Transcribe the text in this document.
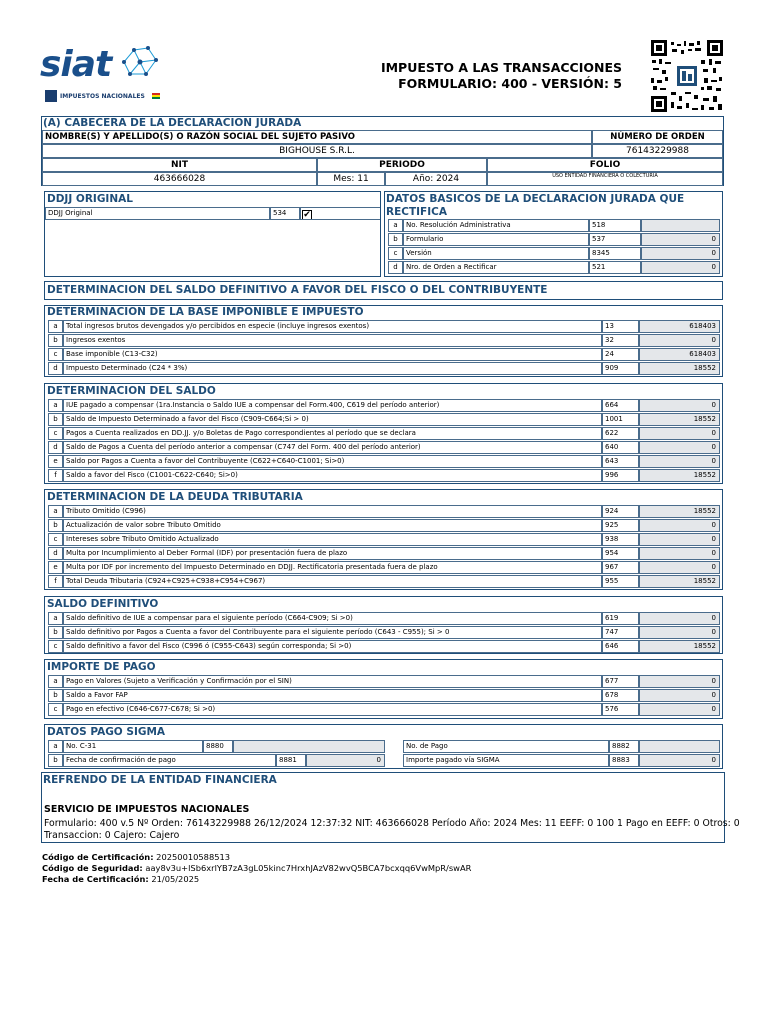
siat
IMPUESTOS NACIONALES
IMPUESTO A LAS TRANSACCIONES
FORMULARIO: 400 - VERSIÓN: 5
(A) CABECERA DE LA DECLARACION JURADA
NOMBRE(S) Y APELLIDO(S) O RAZÓN SOCIAL DEL SUJETO PASIVO	NÚMERO DE ORDEN
BIGHOUSE S.R.L.	76143229988
NIT	PERIODO	FOLIO
463666028	Mes: 11	Año: 2024	USO ENTIDAD FINANCIERA O COLECTURÍA
DDJJ ORIGINAL
DDJJ Original	534	✔
DATOS BASICOS DE LA DECLARACION JURADA QUE RECTIFICA
a	No. Resolución Administrativa	518
b	Formulario	537	0
c	Versión	8345	0
d	Nro. de Orden a Rectificar	521	0
DETERMINACION DEL SALDO DEFINITIVO A FAVOR DEL FISCO O DEL CONTRIBUYENTE
DETERMINACION DE LA BASE IMPONIBLE E IMPUESTO
DETERMINACION DEL SALDO
DETERMINACION DE LA DEUDA TRIBUTARIA
SALDO DEFINITIVO
IMPORTE DE PAGO
a	Total ingresos brutos devengados y/o percibidos en especie (incluye ingresos exentos)	13	618403
b	Ingresos exentos	32	0
c	Base imponible (C13-C32)	24	618403
d	Impuesto Determinado (C24 * 3%)	909	18552
a	IUE pagado a compensar (1ra.Instancia o Saldo IUE a compensar del Form.400, C619 del período anterior)	664	0
b	Saldo de Impuesto Determinado a favor del Fisco (C909-C664;Si > 0)	1001	18552
c	Pagos a Cuenta realizados en DD.JJ. y/o Boletas de Pago correspondientes al período que se declara	622	0
d	Saldo de Pagos a Cuenta del período anterior a compensar (C747 del Form. 400 del período anterior)	640	0
e	Saldo por Pagos a Cuenta a favor del Contribuyente (C622+C640-C1001; Si>0)	643	0
f	Saldo a favor del Fisco (C1001-C622-C640; Si>0)	996	18552
a	Tributo Omitido (C996)	924	18552
b	Actualización de valor sobre Tributo Omitido	925	0
c	Intereses sobre Tributo Omitido Actualizado	938	0
d	Multa por Incumplimiento al Deber Formal (IDF) por presentación fuera de plazo	954	0
e	Multa por IDF por incremento del Impuesto Determinado en DDJJ. Rectificatoria presentada fuera de plazo	967	0
f	Total Deuda Tributaria (C924+C925+C938+C954+C967)	955	18552
a	Saldo definitivo de IUE a compensar para el siguiente período (C664-C909; Si >0)	619	0
b	Saldo definitivo por Pagos a Cuenta a favor del Contribuyente para el siguiente período (C643 - C955); Si > 0	747	0
c	Saldo definitivo a favor del Fisco (C996 ó (C955-C643) según corresponda; Si >0)	646	18552
a	Pago en Valores (Sujeto a Verificación y Confirmación por el SIN)	677	0
b	Saldo a Favor FAP	678	0
c	Pago en efectivo (C646-C677-C678; Si >0)	576	0
DATOS PAGO SIGMA
a	No. C-31	8880	No. de Pago	8882
b	Fecha de confirmación de pago	8881	0	Importe pagado vía SIGMA	8883	0
REFRENDO DE LA ENTIDAD FINANCIERA
SERVICIO DE IMPUESTOS NACIONALES
Formulario: 400 v.5 Nº Orden: 76143229988 26/12/2024 12:37:32 NIT: 463666028 Período Año: 2024 Mes: 11 EEFF: 0 100 1 Pago en EEFF: 0 Otros: 0
Transaccion: 0 Cajero: Cajero
Código de Certificación: 20250010588513
Código de Seguridad: aay8v3u+lSb6xrlYB7zA3gL05kinc7HrxhJAzV82wvQ5BCA7bcxqq6VwMpR/swAR
Fecha de Certificación: 21/05/2025
